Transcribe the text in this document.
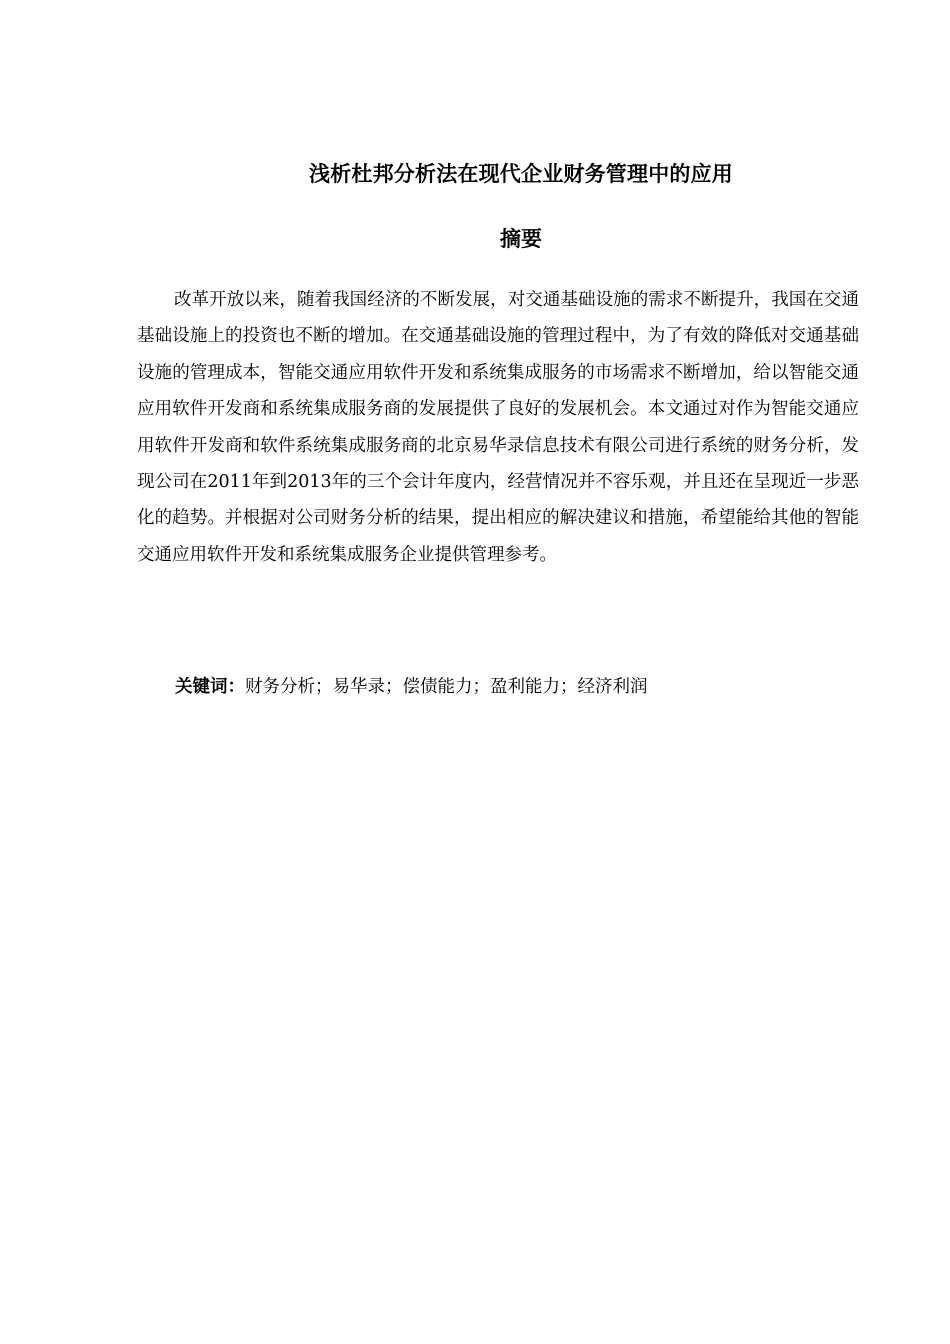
浅析杜邦分析法在现代企业财务管理中的应用
摘要

改革开放以来，随着我国经济的不断发展，对交通基础设施的需求不断提升，我国在交通基础设施上的投资也不断的增加。在交通基础设施的管理过程中，为了有效的降低对交通基础设施的管理成本，智能交通应用软件开发和系统集成服务的市场需求不断增加，给以智能交通应用软件开发商和系统集成服务商的发展提供了良好的发展机会。本文通过对作为智能交通应用软件开发商和软件系统集成服务商的北京易华录信息技术有限公司进行系统的财务分析，发现公司在2011年到2013年的三个会计年度内，经营情况并不容乐观，并且还在呈现近一步恶化的趋势。并根据对公司财务分析的结果，提出相应的解决建议和措施，希望能给其他的智能交通应用软件开发和系统集成服务企业提供管理参考。

关键词：财务分析；易华录；偿债能力；盈利能力；经济利润
